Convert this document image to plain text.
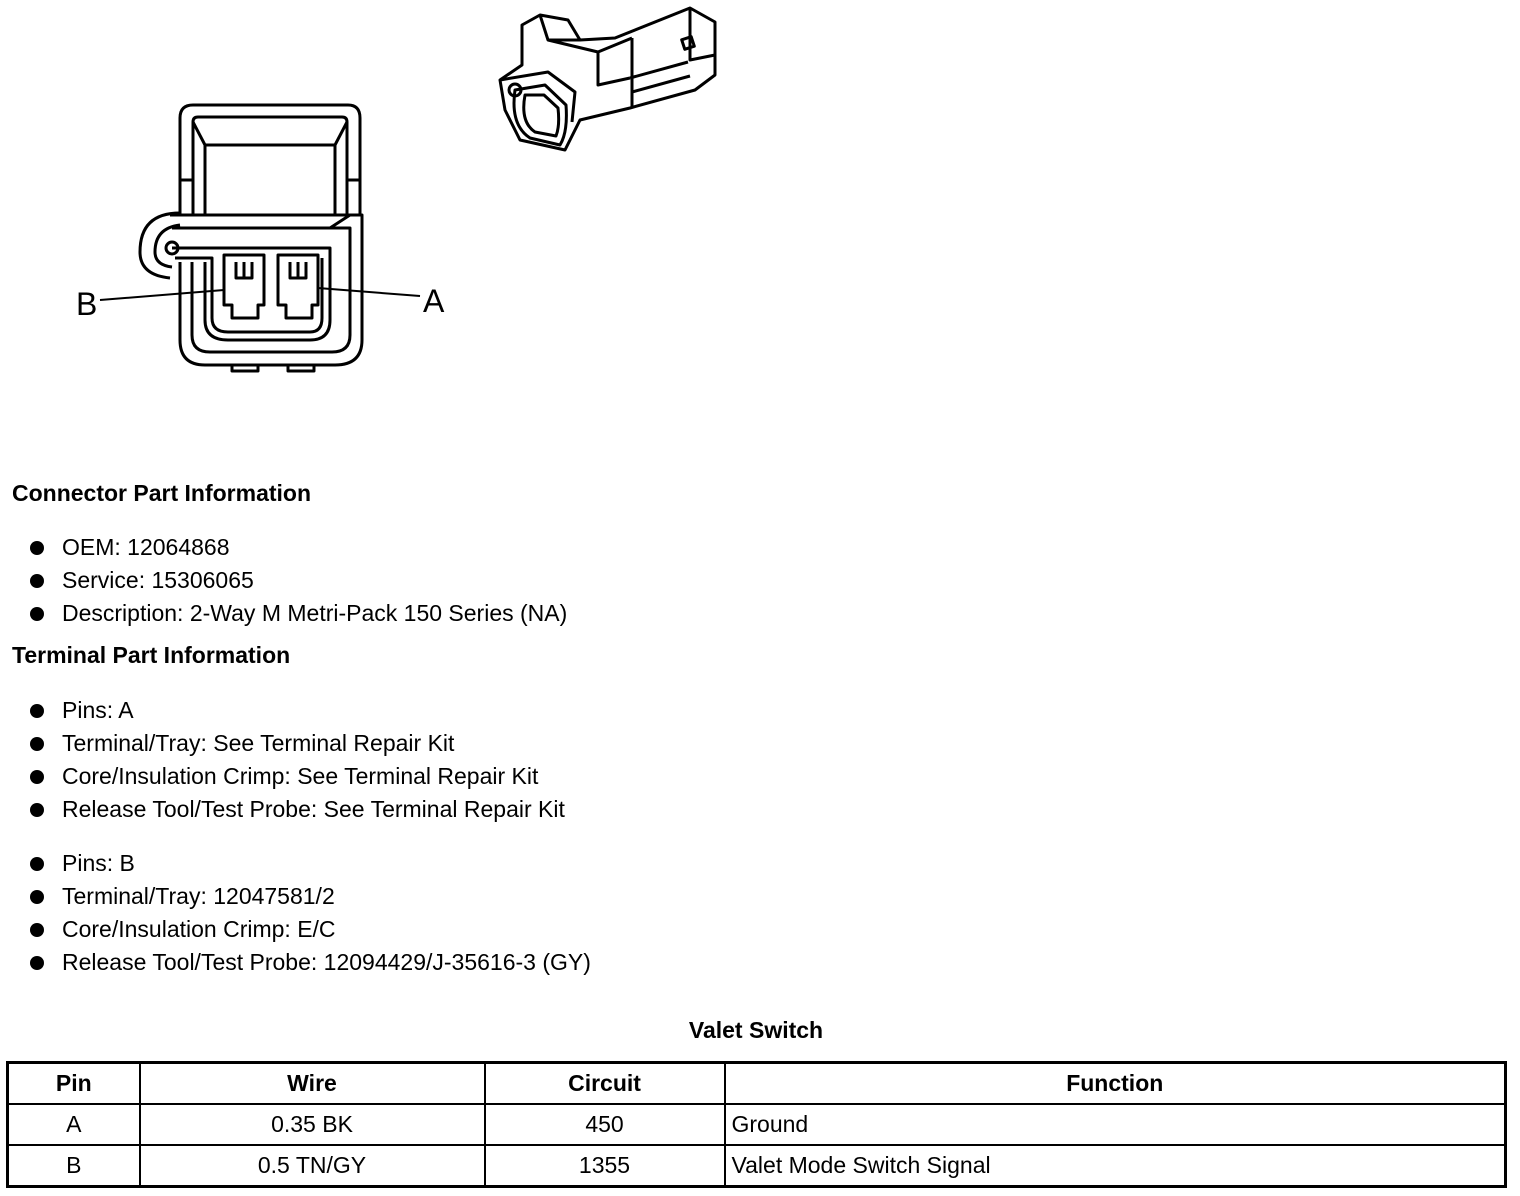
B	A
Connector Part Information
OEM: 12064868
Service: 15306065
Description: 2-Way M Metri-Pack 150 Series (NA)
Terminal Part Information
Pins: A
Terminal/Tray: See Terminal Repair Kit
Core/Insulation Crimp: See Terminal Repair Kit
Release Tool/Test Probe: See Terminal Repair Kit
Pins: B
Terminal/Tray: 12047581/2
Core/Insulation Crimp: E/C
Release Tool/Test Probe: 12094429/J-35616-3 (GY)
Valet Switch
Pin	Wire	Circuit	Function
A	0.35 BK	450	Ground
B	0.5 TN/GY	1355	Valet Mode Switch Signal
